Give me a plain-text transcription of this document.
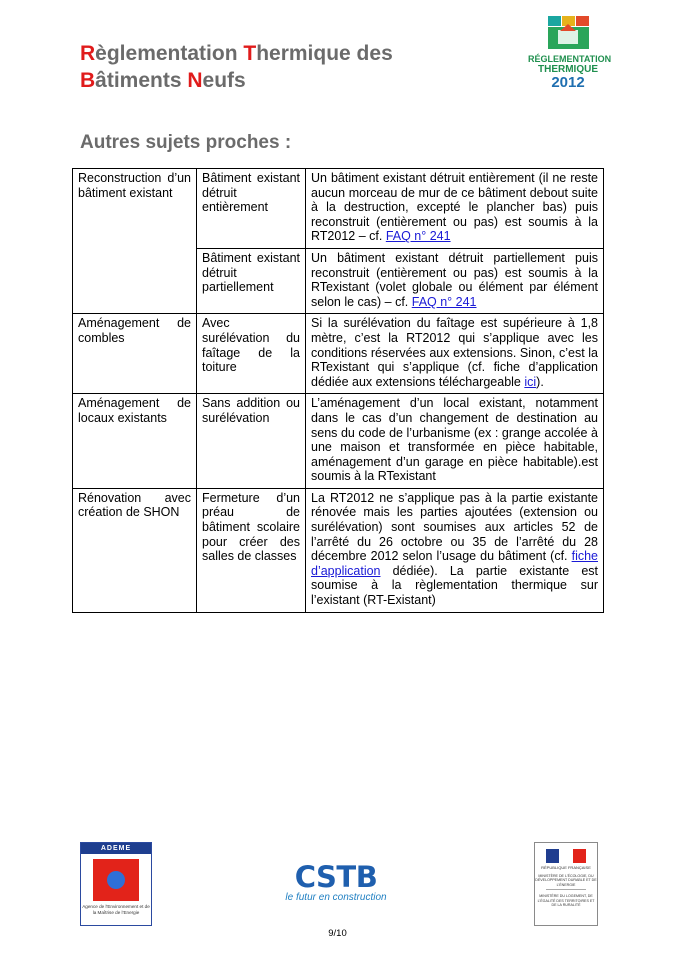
Règlementation Thermique des
Bâtiments Neufs
RÉGLEMENTATION
THERMIQUE
2012
Autres sujets proches :
Reconstruction d’un bâtiment existant	Bâtiment existant détruit entièrement	Un bâtiment existant détruit entièrement (il ne reste aucun morceau de mur de ce bâtiment debout suite à la destruction, excepté le plancher bas) puis reconstruit (entièrement ou pas) est soumis à la RT2012 – cf. FAQ n° 241
	Bâtiment existant détruit partiellement	Un bâtiment existant détruit partiellement puis reconstruit (entièrement ou pas) est soumis à la RTexistant (volet globale ou élément par élément selon le cas) – cf. FAQ n° 241
Aménagement de combles	Avec surélévation du faîtage de la toiture	Si la surélévation du faîtage est supérieure à 1,8 mètre, c’est la RT2012 qui s’applique avec les conditions réservées aux extensions. Sinon, c’est la RTexistant qui s’applique (cf. fiche d’application dédiée aux extensions téléchargeable ici).
Aménagement de locaux existants	Sans addition ou surélévation	L’aménagement d’un local existant, notamment dans le cas d’un changement de destination au sens du code de l’urbanisme (ex : grange accolée à une maison et transformée en pièce habitable, aménagement d’un garage en pièce habitable).est soumis à la RTexistant
Rénovation avec création de SHON	Fermeture d’un préau de bâtiment scolaire pour créer des salles de classes	La RT2012 ne s’applique pas à la partie existante rénovée mais les parties ajoutées (extension ou surélévation) sont soumises aux articles 52 de l’arrêté du 26 octobre ou 35 de l’arrêté du 28 décembre 2012 selon l’usage du bâtiment (cf. fiche d’application dédiée). La partie existante est soumise à la règlementation thermique sur l’existant (RT-Existant)
ADEME
Agence de l'Environnement et de la Maîtrise de l'Energie
CSTB
le futur en construction
RÉPUBLIQUE FRANÇAISE
MINISTÈRE DE L'ÉCOLOGIE, DU DÉVELOPPEMENT DURABLE ET DE L'ÉNERGIE
MINISTÈRE DU LOGEMENT, DE L'ÉGALITÉ DES TERRITOIRES ET DE LA RURALITÉ
9/10
